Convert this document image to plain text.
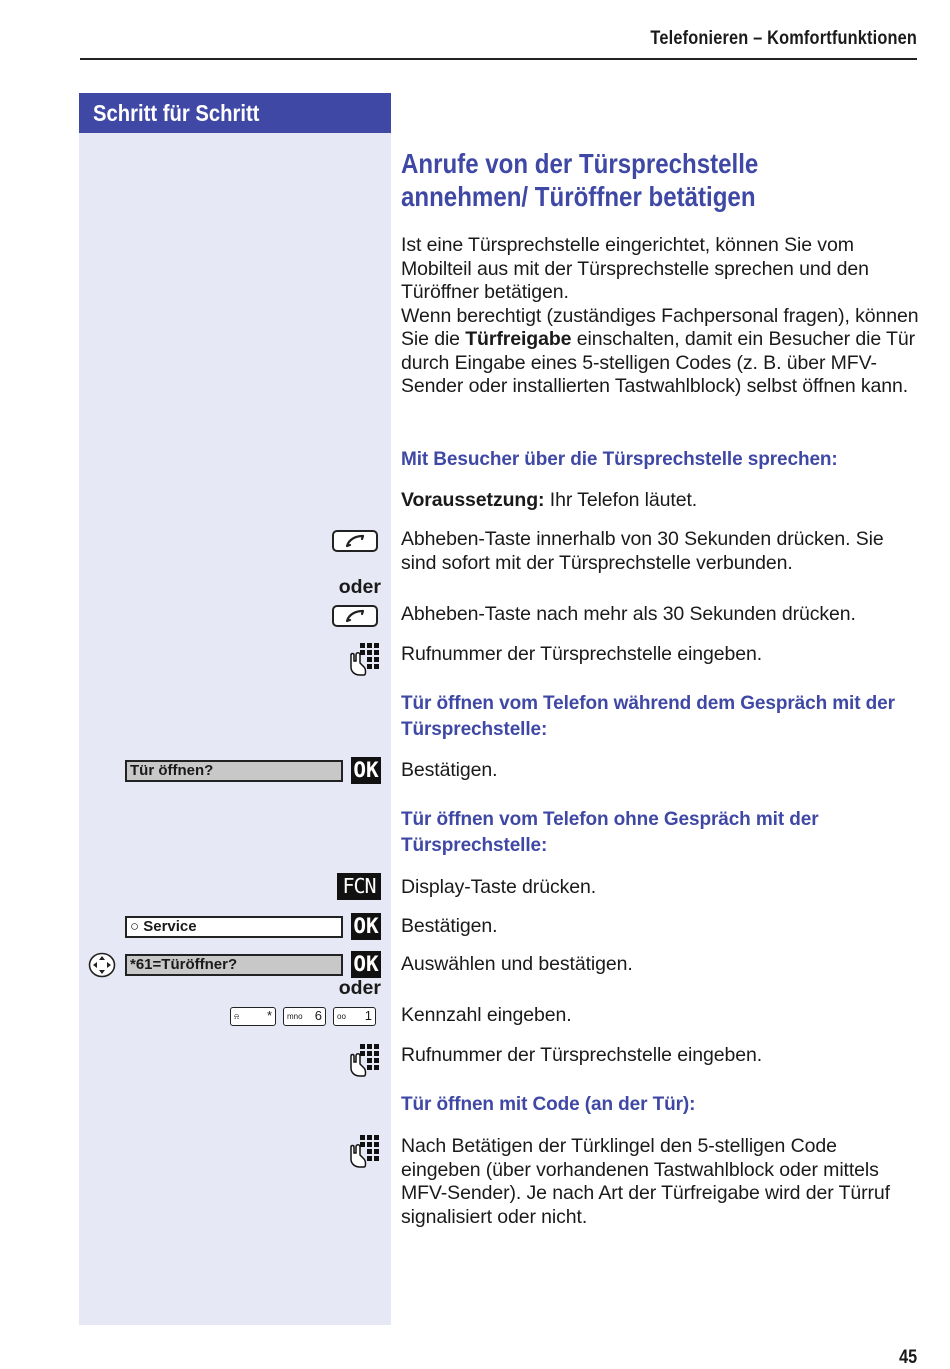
Telefonieren – Komfortfunktionen
Schritt für Schritt
Anrufe von der Türsprechstelle annehmen/ Türöffner betätigen
Ist eine Türsprechstelle eingerichtet, können Sie vom Mobilteil aus mit der Türsprechstelle sprechen und den Türöffner betätigen.
Wenn berechtigt (zuständiges Fachpersonal fragen), können Sie die Türfreigabe einschalten, damit ein Besucher die Tür durch Eingabe eines 5-stelligen Codes (z. B. über MFV-Sender oder installierten Tastwahlblock) selbst öffnen kann.
Mit Besucher über die Türsprechstelle sprechen:
Voraussetzung: Ihr Telefon läutet.
Abheben-Taste innerhalb von 30 Sekunden drücken. Sie sind sofort mit der Türsprechstelle verbunden.
oder
Abheben-Taste nach mehr als 30 Sekunden drücken.
Rufnummer der Türsprechstelle eingeben.
Tür öffnen vom Telefon während dem Gespräch mit der Türsprechstelle:
Tür öffnen?	OK Bestätigen.
Tür öffnen vom Telefon ohne Gespräch mit der Türsprechstelle:
FCN Display-Taste drücken.
○ Service	OK Bestätigen.
*61=Türöffner?	OK Auswählen und bestätigen.
oder
⍾ *	mno 6	oo 1 Kennzahl eingeben.
Rufnummer der Türsprechstelle eingeben.
Tür öffnen mit Code (an der Tür):
Nach Betätigen der Türklingel den 5-stelligen Code eingeben (über vorhandenen Tastwahlblock oder mittels MFV-Sender). Je nach Art der Türfreigabe wird der Türruf signalisiert oder nicht.
45
